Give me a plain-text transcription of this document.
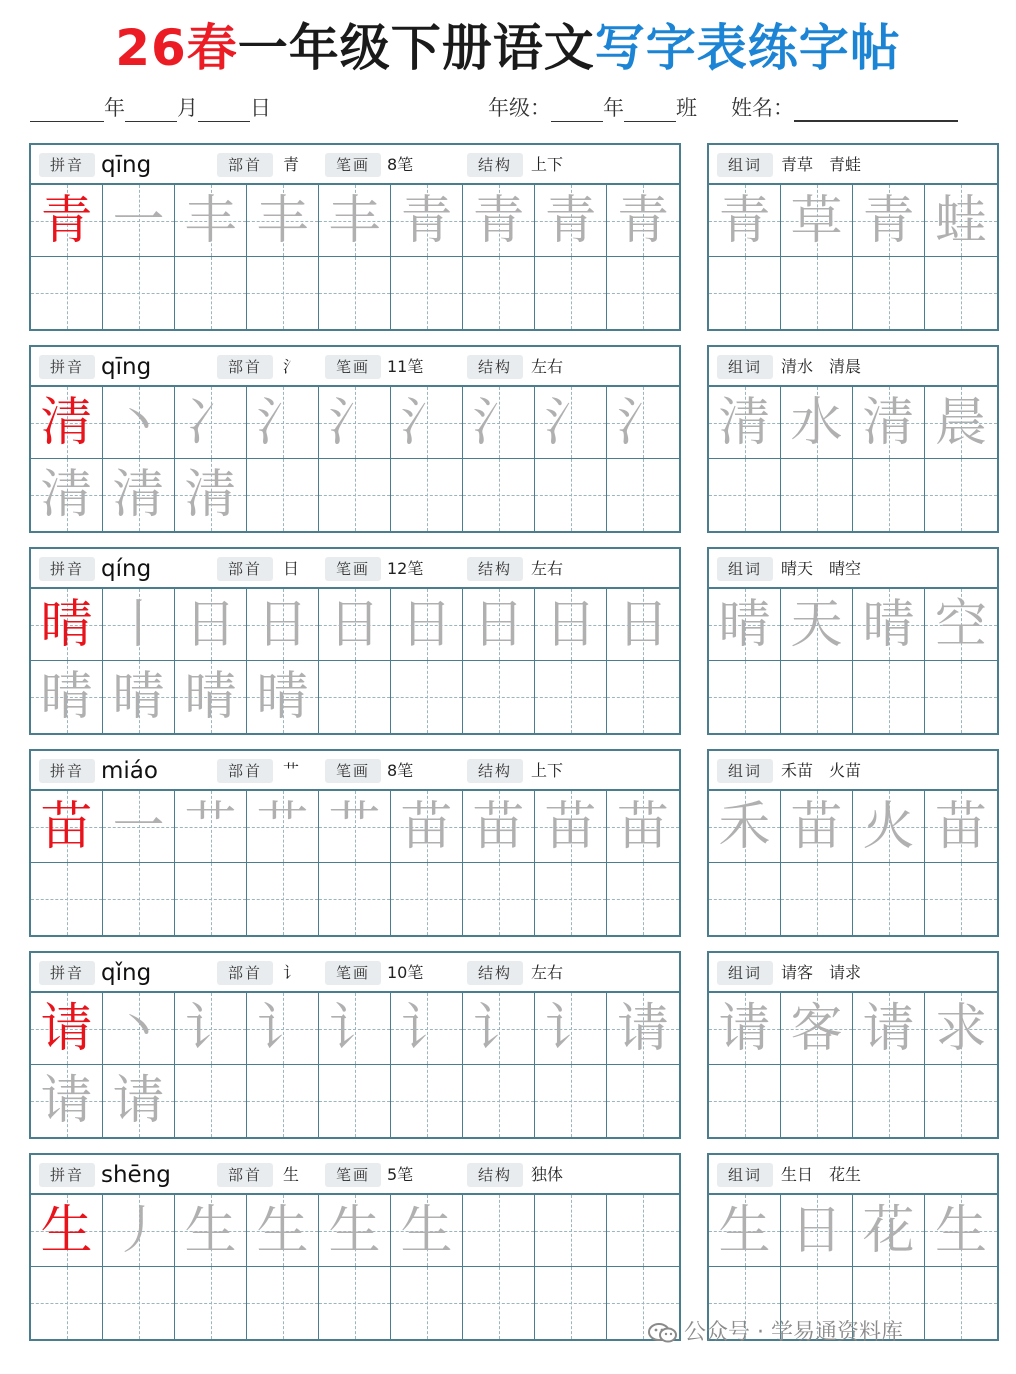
26春一年级下册语文写字表练字帖
年 月 日	年级： 年 班 姓名：
拼音 qīng	部首	青	笔画	8笔	结构	上下
青 一 丰 丰 丰 青 青 青 青
组词	青草　青蛙
青 草 青 蛙
拼音 qīng	部首	氵	笔画	11笔	结构	左右
清 丶 冫 氵 氵 氵 氵 氵 氵
清 清 清
组词	清水　清晨
清 水 清 晨
拼音 qíng	部首	日	笔画	12笔	结构	左右
晴 丨 日 日 日 日 日 日 日
晴 晴 晴 晴
组词	晴天　晴空
晴 天 晴 空
拼音 miáo	部首	艹	笔画	8笔	结构	上下
苗 一 艹 艹 艹 苗 苗 苗 苗
组词	禾苗　火苗
禾 苗 火 苗
拼音 qǐng	部首	讠	笔画	10笔	结构	左右
请 丶 讠 讠 讠 讠 讠 讠 请
请 请
组词	请客　请求
请 客 请 求
拼音 shēng	部首	生	笔画	5笔	结构	独体
生 丿 生 生 生 生
组词	生日　花生
生 日 花 生
公众号 · 学易通资料库
